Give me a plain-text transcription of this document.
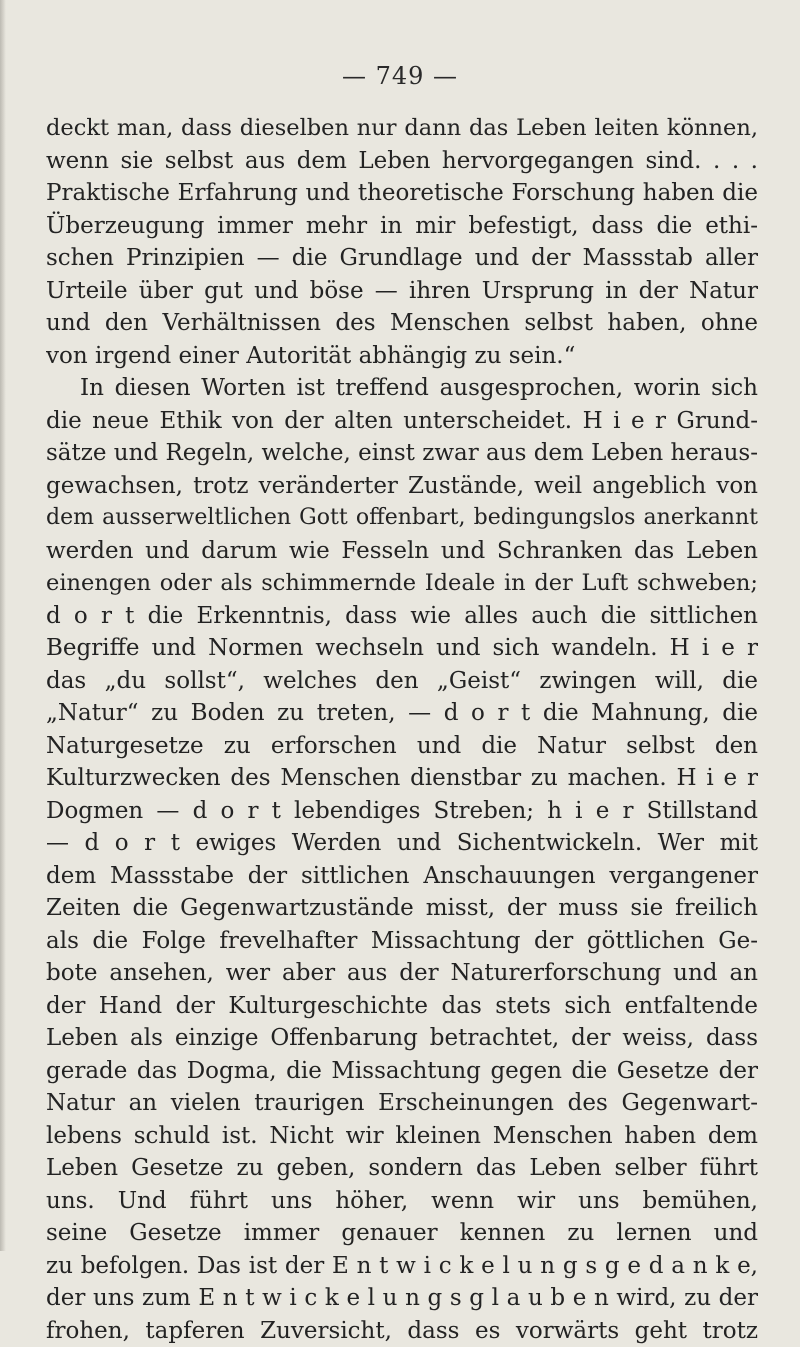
— 749 —
deckt man, dass dieselben nur dann das Leben leiten können,
wenn sie selbst aus dem Leben hervorgegangen sind. . . .
Praktische Erfahrung und theoretische Forschung haben die
Überzeugung immer mehr in mir befestigt, dass die ethi-
schen Prinzipien — die Grundlage und der Massstab aller
Urteile über gut und böse — ihren Ursprung in der Natur
und den Verhältnissen des Menschen selbst haben, ohne
von irgend einer Autorität abhängig zu sein.“
In diesen Worten ist treffend ausgesprochen, worin sich
die neue Ethik von der alten unterscheidet. H i e r Grund-
sätze und Regeln, welche, einst zwar aus dem Leben heraus-
gewachsen, trotz veränderter Zustände, weil angeblich von
dem ausserweltlichen Gott offenbart, bedingungslos anerkannt
werden und darum wie Fesseln und Schranken das Leben
einengen oder als schimmernde Ideale in der Luft schweben;
d o r t die Erkenntnis, dass wie alles auch die sittlichen
Begriffe und Normen wechseln und sich wandeln. H i e r
das „du sollst“, welches den „Geist“ zwingen will, die
„Natur“ zu Boden zu treten, — d o r t die Mahnung, die
Naturgesetze zu erforschen und die Natur selbst den
Kulturzwecken des Menschen dienstbar zu machen. H i e r
Dogmen — d o r t lebendiges Streben; h i e r Stillstand
— d o r t ewiges Werden und Sichentwickeln. Wer mit
dem Massstabe der sittlichen Anschauungen vergangener
Zeiten die Gegenwartzustände misst, der muss sie freilich
als die Folge frevelhafter Missachtung der göttlichen Ge-
bote ansehen, wer aber aus der Naturerforschung und an
der Hand der Kulturgeschichte das stets sich entfaltende
Leben als einzige Offenbarung betrachtet, der weiss, dass
gerade das Dogma, die Missachtung gegen die Gesetze der
Natur an vielen traurigen Erscheinungen des Gegenwart-
lebens schuld ist. Nicht wir kleinen Menschen haben dem
Leben Gesetze zu geben, sondern das Leben selber führt
uns. Und führt uns höher, wenn wir uns bemühen,
seine Gesetze immer genauer kennen zu lernen und
zu befolgen. Das ist der E n t w i c k e l u n g s g e d a n k e,
der uns zum E n t w i c k e l u n g s g l a u b e n wird, zu der
frohen, tapferen Zuversicht, dass es vorwärts geht trotz
